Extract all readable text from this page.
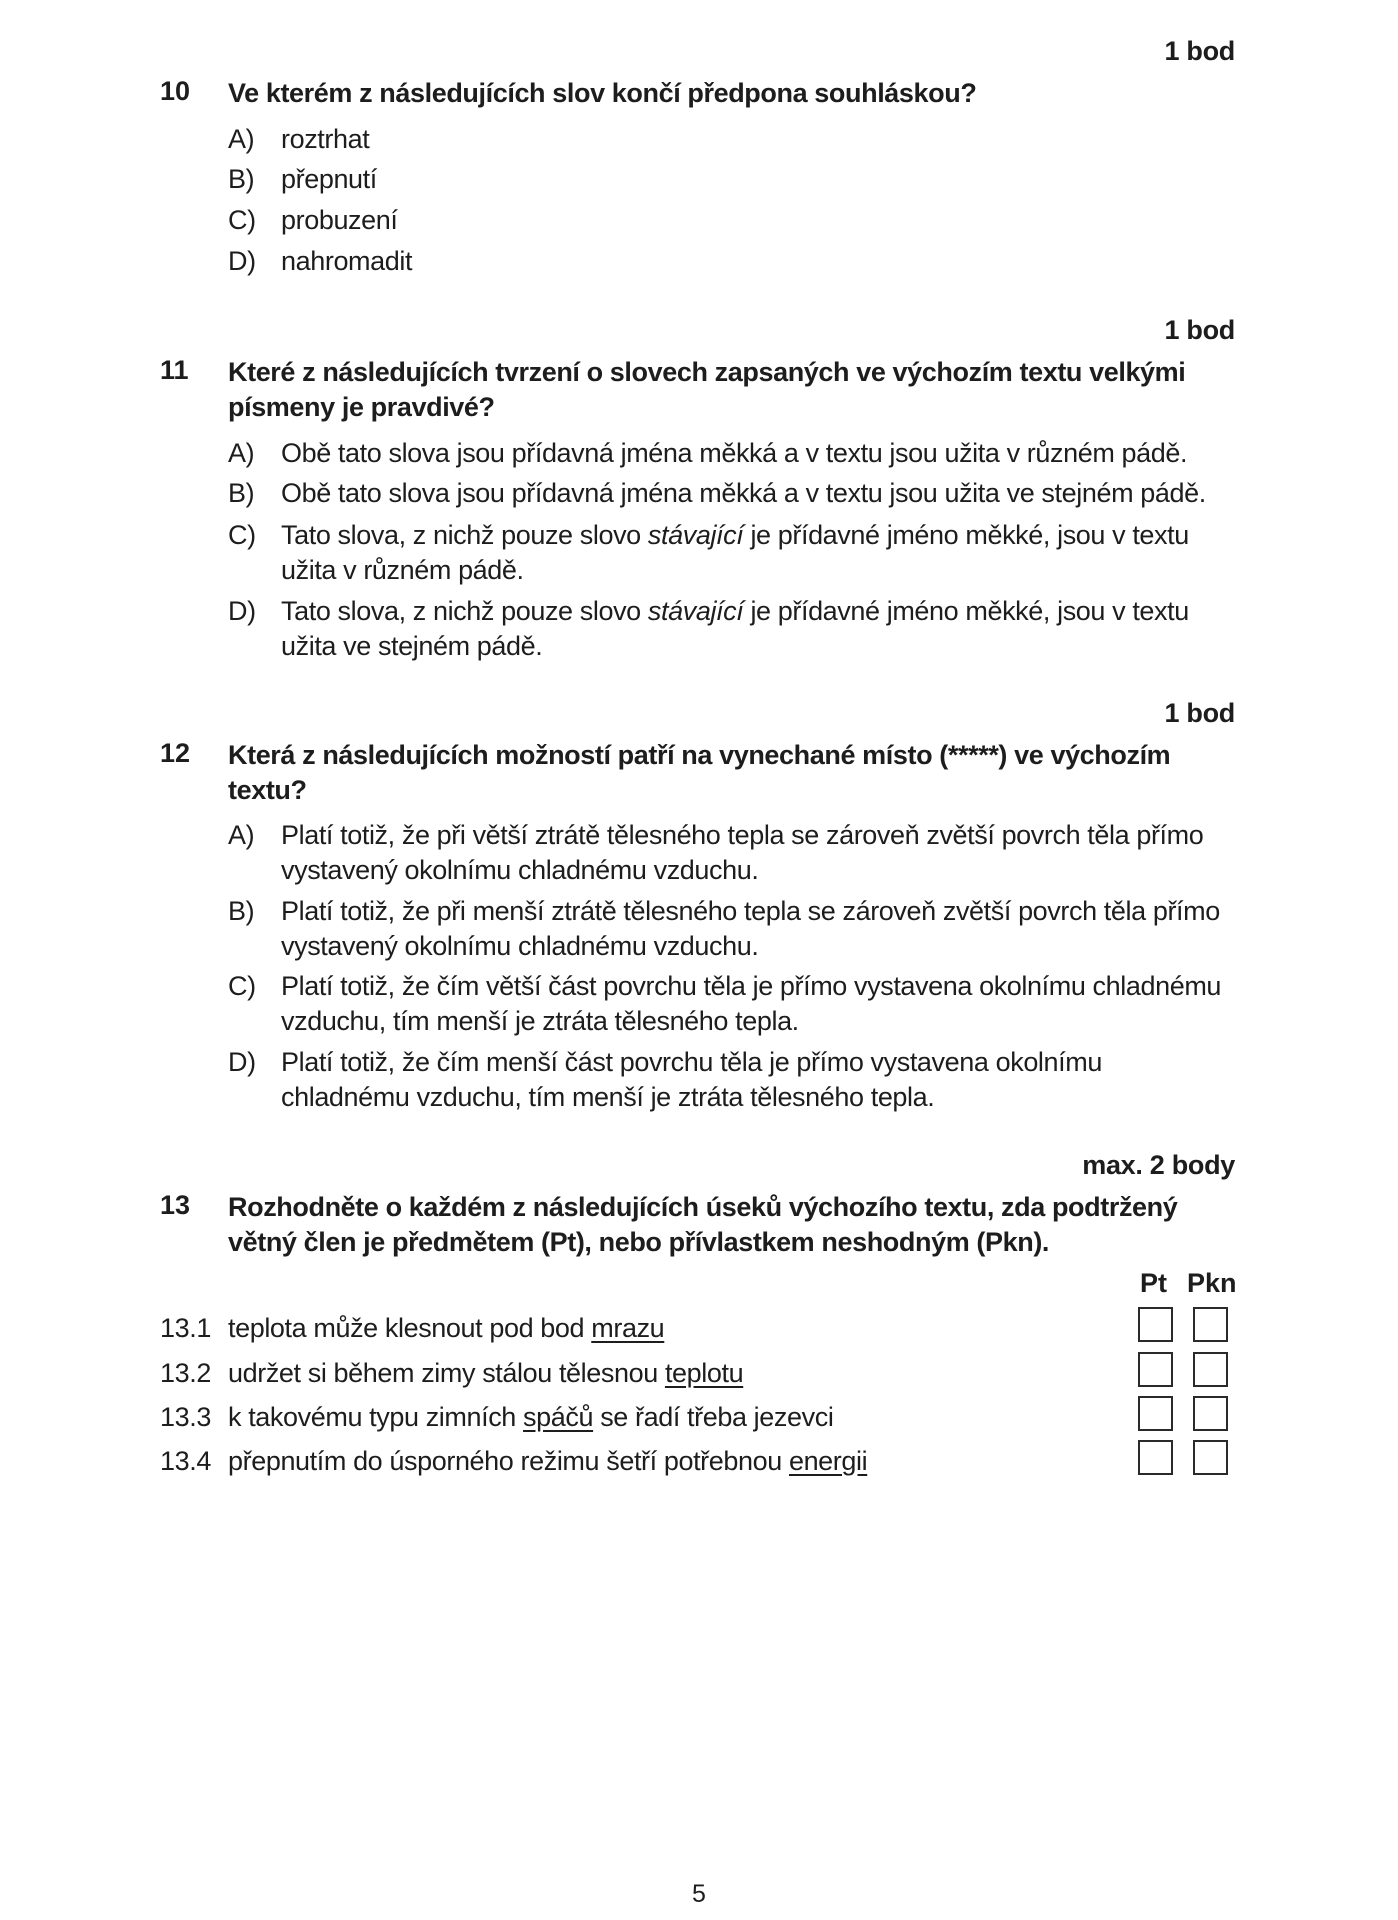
1 bod
10 Ve kterém z následujících slov končí předpona souhláskou?
A) roztrhat
B) přepnutí
C) probuzení
D) nahromadit
1 bod
11 Které z následujících tvrzení o slovech zapsaných ve výchozím textu velkými písmeny je pravdivé?
A) Obě tato slova jsou přídavná jména měkká a v textu jsou užita v různém pádě.
B) Obě tato slova jsou přídavná jména měkká a v textu jsou užita ve stejném pádě.
C) Tato slova, z nichž pouze slovo stávající je přídavné jméno měkké, jsou v textu užita v různém pádě.
D) Tato slova, z nichž pouze slovo stávající je přídavné jméno měkké, jsou v textu užita ve stejném pádě.
1 bod
12 Která z následujících možností patří na vynechané místo (*****) ve výchozím textu?
A) Platí totiž, že při větší ztrátě tělesného tepla se zároveň zvětší povrch těla přímo vystavený okolnímu chladnému vzduchu.
B) Platí totiž, že při menší ztrátě tělesného tepla se zároveň zvětší povrch těla přímo vystavený okolnímu chladnému vzduchu.
C) Platí totiž, že čím větší část povrchu těla je přímo vystavena okolnímu chladnému vzduchu, tím menší je ztráta tělesného tepla.
D) Platí totiž, že čím menší část povrchu těla je přímo vystavena okolnímu chladnému vzduchu, tím menší je ztráta tělesného tepla.
max. 2 body
13 Rozhodněte o každém z následujících úseků výchozího textu, zda podtržený větný člen je předmětem (Pt), nebo přívlastkem neshodným (Pkn).
Pt Pkn
13.1 teplota může klesnout pod bod mrazu
13.2 udržet si během zimy stálou tělesnou teplotu
13.3 k takovému typu zimních spáčů se řadí třeba jezevci
13.4 přepnutím do úsporného režimu šetří potřebnou energii
5
